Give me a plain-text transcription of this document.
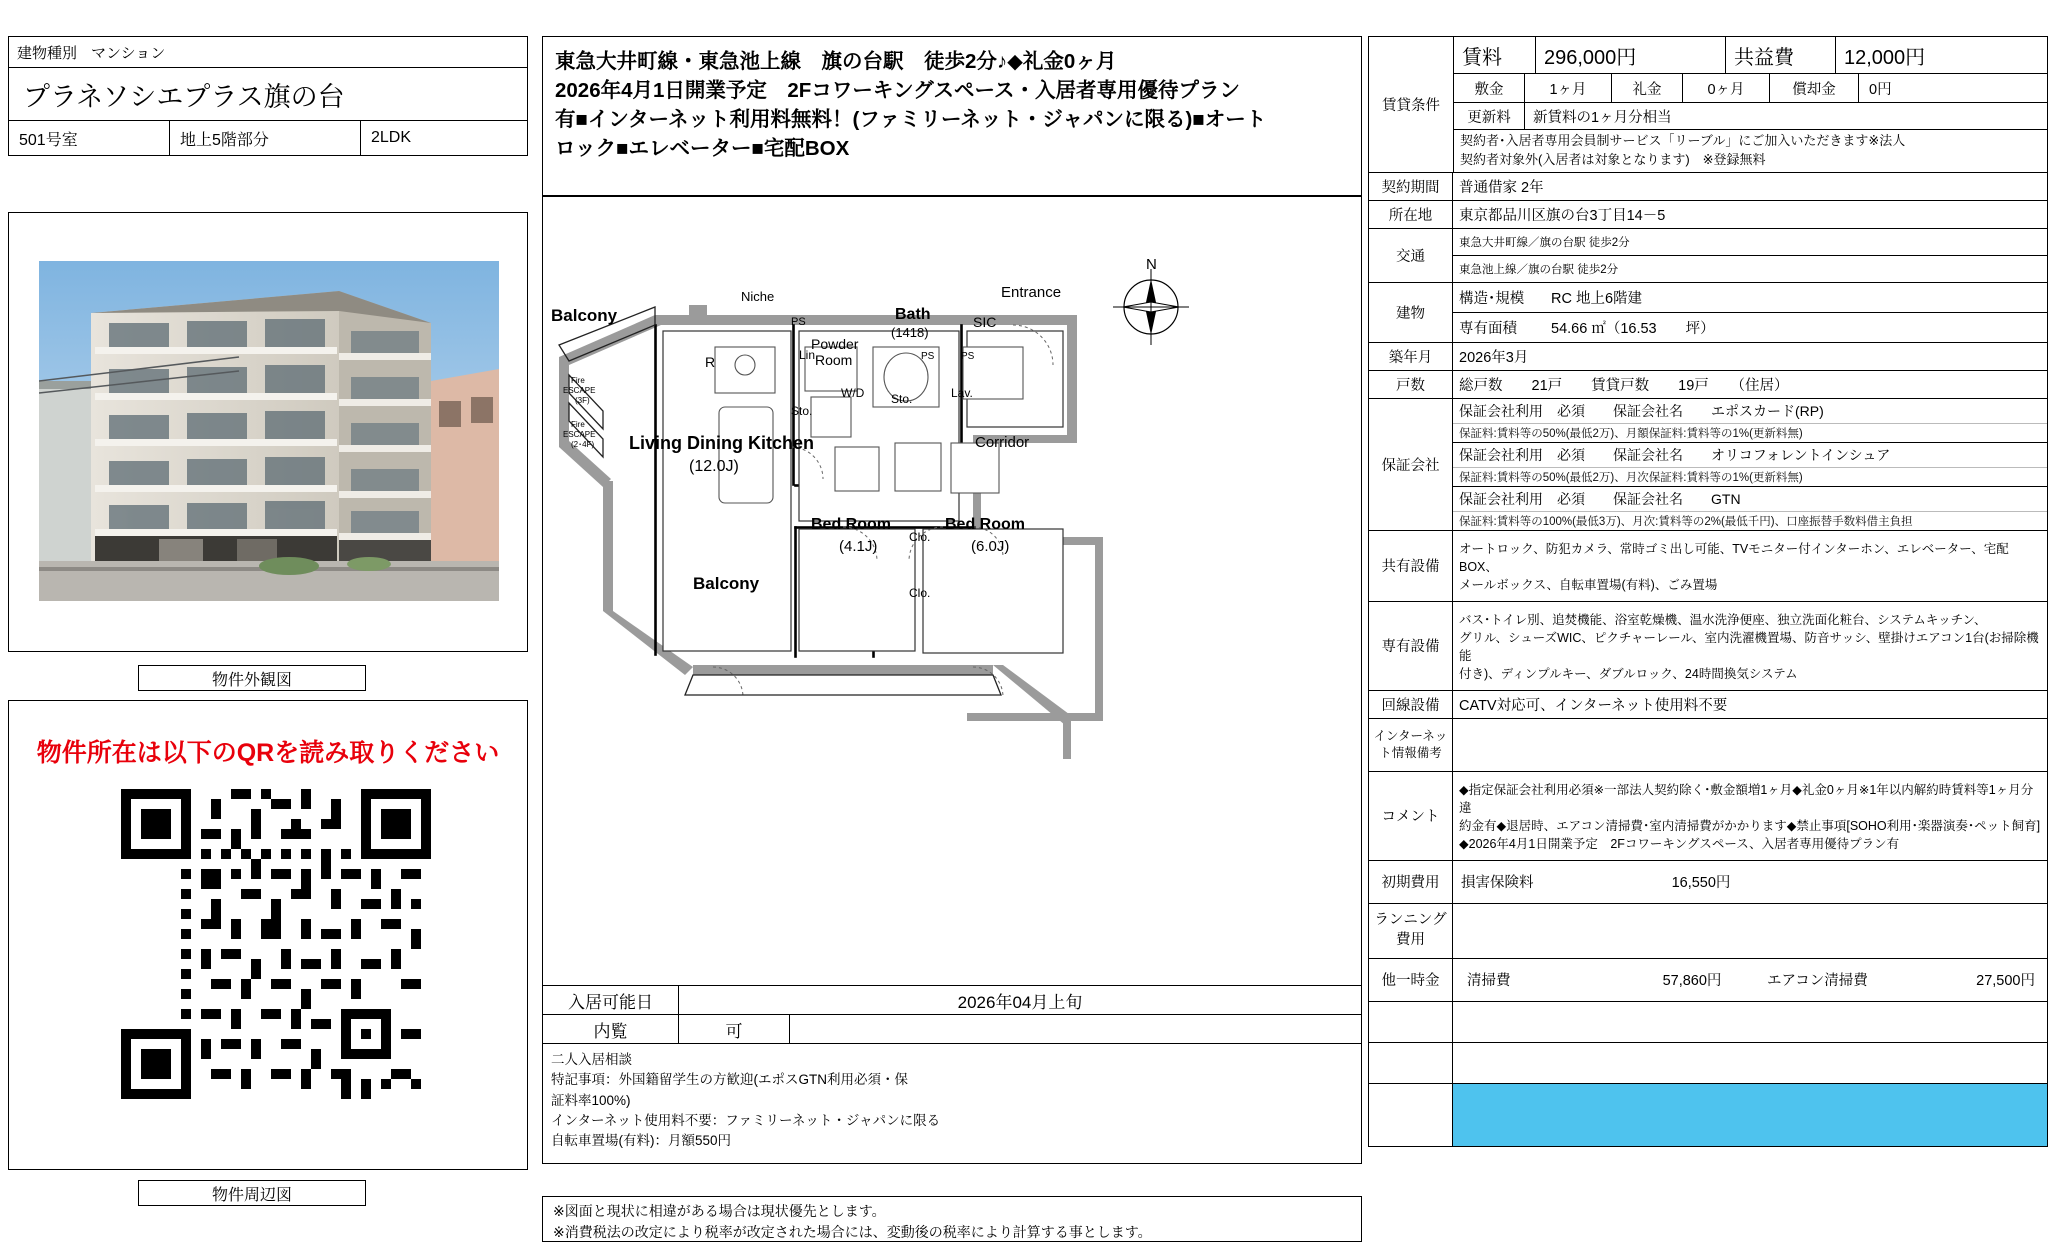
建物種別 マンション
プラネソシエプラス旗の台
501号室	地上5階部分	2LDK
物件外観図
物件所在は以下のQRを読み取りください
物件周辺図
東急大井町線・東急池上線　旗の台駅　徒歩2分♪◆礼金0ヶ月
2026年4月1日開業予定　2Fコワーキングスペース・入居者専用優待プラン
有■インターネット利用料無料！(ファミリーネット・ジャパンに限る)■オート
ロック■エレベーター■宅配BOX
Balcony
Fire
ESCAPE
(3F)
Fire
ESCAPE
(2･4F)
Niche
PS
Lin.
Bath
(1418)
SIC
Entrance
Powder
Room
R
W/D Sto.	Lav.
PS	PS
Sto.
Corridor
Living Dining Kitchen
(12.0J)
Bed Room
(4.1J)
Bed Room
(6.0J)
Clo.
Clo.
Balcony
N
入居可能日	2026年04月上旬
内覧	可
二人入居相談
特記事項：外国籍留学生の方歓迎(エポスGTN利用必須・保
証料率100%)
インターネット使用料不要：ファミリーネット・ジャパンに限る
自転車置場(有料)：月額550円
※図面と現状に相違がある場合は現状優先とします。
※消費税法の改定により税率が改定された場合には、変動後の税率により計算する事とします。
賃貸条件
賃料	296,000円	共益費	12,000円
敷金	1ヶ月	礼金	0ヶ月	償却金	0円
更新料	新賃料の1ヶ月分相当
契約者･入居者専用会員制サービス「リーブル」にご加入いただきます※法人
契約者対象外(入居者は対象となります)　※登録無料
契約期間	普通借家 2年
所在地	東京都品川区旗の台3丁目14－5
交通
東急大井町線／旗の台駅 徒歩2分
東急池上線／旗の台駅 徒歩2分
建物
構造･規模	RC 地上6階建
専有面積	54.66 ㎡（16.53　　坪）
築年月	2026年3月
戸数	総戸数　　21戸　　賃貸戸数　　19戸　　（住居）
保証会社
保証会社利用　必須　　保証会社名　　エポスカード(RP)
保証料:賃料等の50%(最低2万)、月額保証料:賃料等の1%(更新料無)
保証会社利用　必須　　保証会社名　　オリコフォレントインシュア
保証料:賃料等の50%(最低2万)、月次保証料:賃料等の1%(更新料無)
保証会社利用　必須　　保証会社名　　GTN
保証料:賃料等の100%(最低3万)、月次:賃料等の2%(最低千円)、口座振替手数料借主負担
共有設備
オートロック、防犯カメラ、常時ゴミ出し可能、TVモニター付インターホン、エレベーター、宅配BOX、
メールボックス、自転車置場(有料)、ごみ置場
専有設備
バス･トイレ別、追焚機能、浴室乾燥機、温水洗浄便座、独立洗面化粧台、システムキッチン、
グリル、シューズWIC、ピクチャーレール、室内洗濯機置場、防音サッシ、壁掛けエアコン1台(お掃除機能
付き)、ディンプルキー、ダブルロック、24時間換気システム
回線設備	CATV対応可、インターネット使用料不要
インターネット情報備考
コメント
◆指定保証会社利用必須※一部法人契約除く･敷金額増1ヶ月◆礼金0ヶ月※1年以内解約時賃料等1ヶ月分違
約金有◆退居時、エアコン清掃費･室内清掃費がかかります◆禁止事項[SOHO利用･楽器演奏･ペット飼育]
◆2026年4月1日開業予定　2Fコワーキングスペース、入居者専用優待プラン有
初期費用	損害保険料	16,550円
ランニング費用
他一時金	清掃費	57,860円	エアコン清掃費	27,500円
